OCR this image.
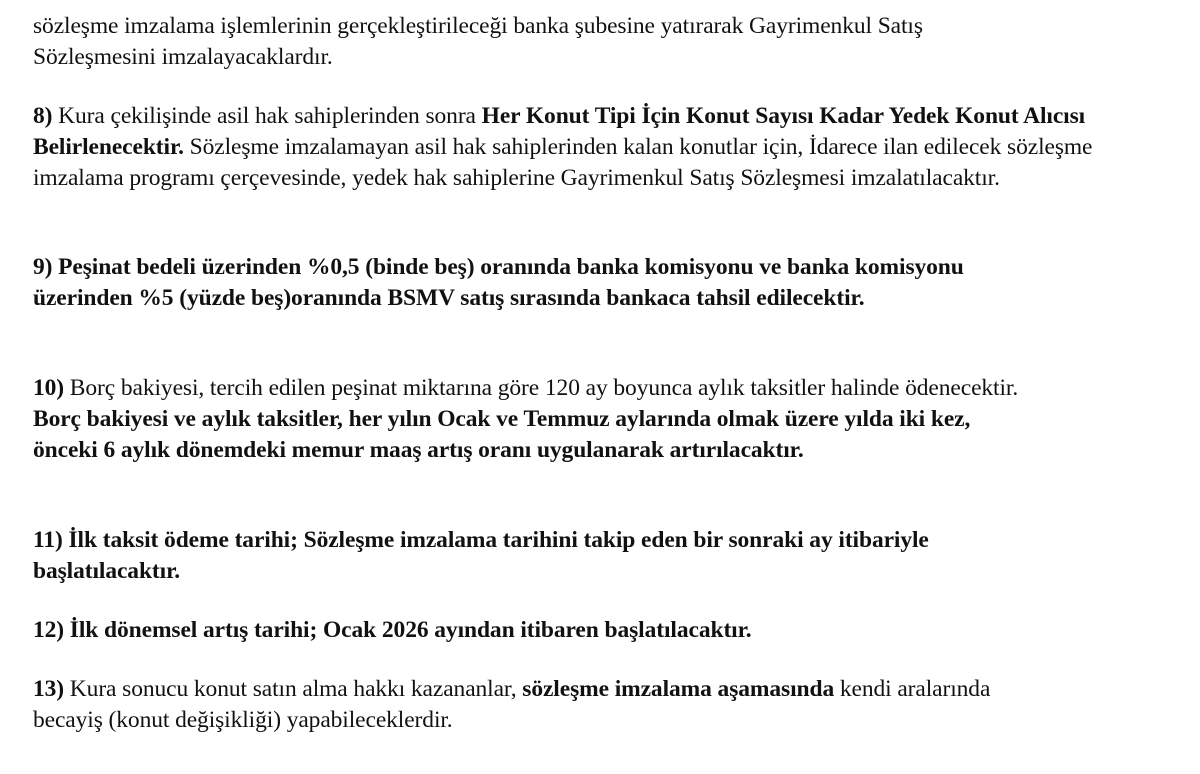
sözleşme imzalama işlemlerinin gerçekleştirileceği banka şubesine yatırarak Gayrimenkul Satış
Sözleşmesini imzalayacaklardır.

8) Kura çekilişinde asil hak sahiplerinden sonra Her Konut Tipi İçin Konut Sayısı Kadar Yedek Konut Alıcısı Belirlenecektir. Sözleşme imzalamayan asil hak sahiplerinden kalan konutlar için, İdarece ilan edilecek sözleşme imzalama programı çerçevesinde, yedek hak sahiplerine Gayrimenkul Satış Sözleşmesi imzalatılacaktır.

9) Peşinat bedeli üzerinden %0,5 (binde beş) oranında banka komisyonu ve banka komisyonu
üzerinden %5 (yüzde beş)oranında BSMV satış sırasında bankaca tahsil edilecektir.

10) Borç bakiyesi, tercih edilen peşinat miktarına göre 120 ay boyunca aylık taksitler halinde ödenecektir.
Borç bakiyesi ve aylık taksitler, her yılın Ocak ve Temmuz aylarında olmak üzere yılda iki kez,
önceki 6 aylık dönemdeki memur maaş artış oranı uygulanarak artırılacaktır.

11) İlk taksit ödeme tarihi; Sözleşme imzalama tarihini takip eden bir sonraki ay itibariyle
başlatılacaktır.

12) İlk dönemsel artış tarihi; Ocak 2026 ayından itibaren başlatılacaktır.

13) Kura sonucu konut satın alma hakkı kazananlar, sözleşme imzalama aşamasında kendi aralarında
becayiş (konut değişikliği) yapabileceklerdir.
